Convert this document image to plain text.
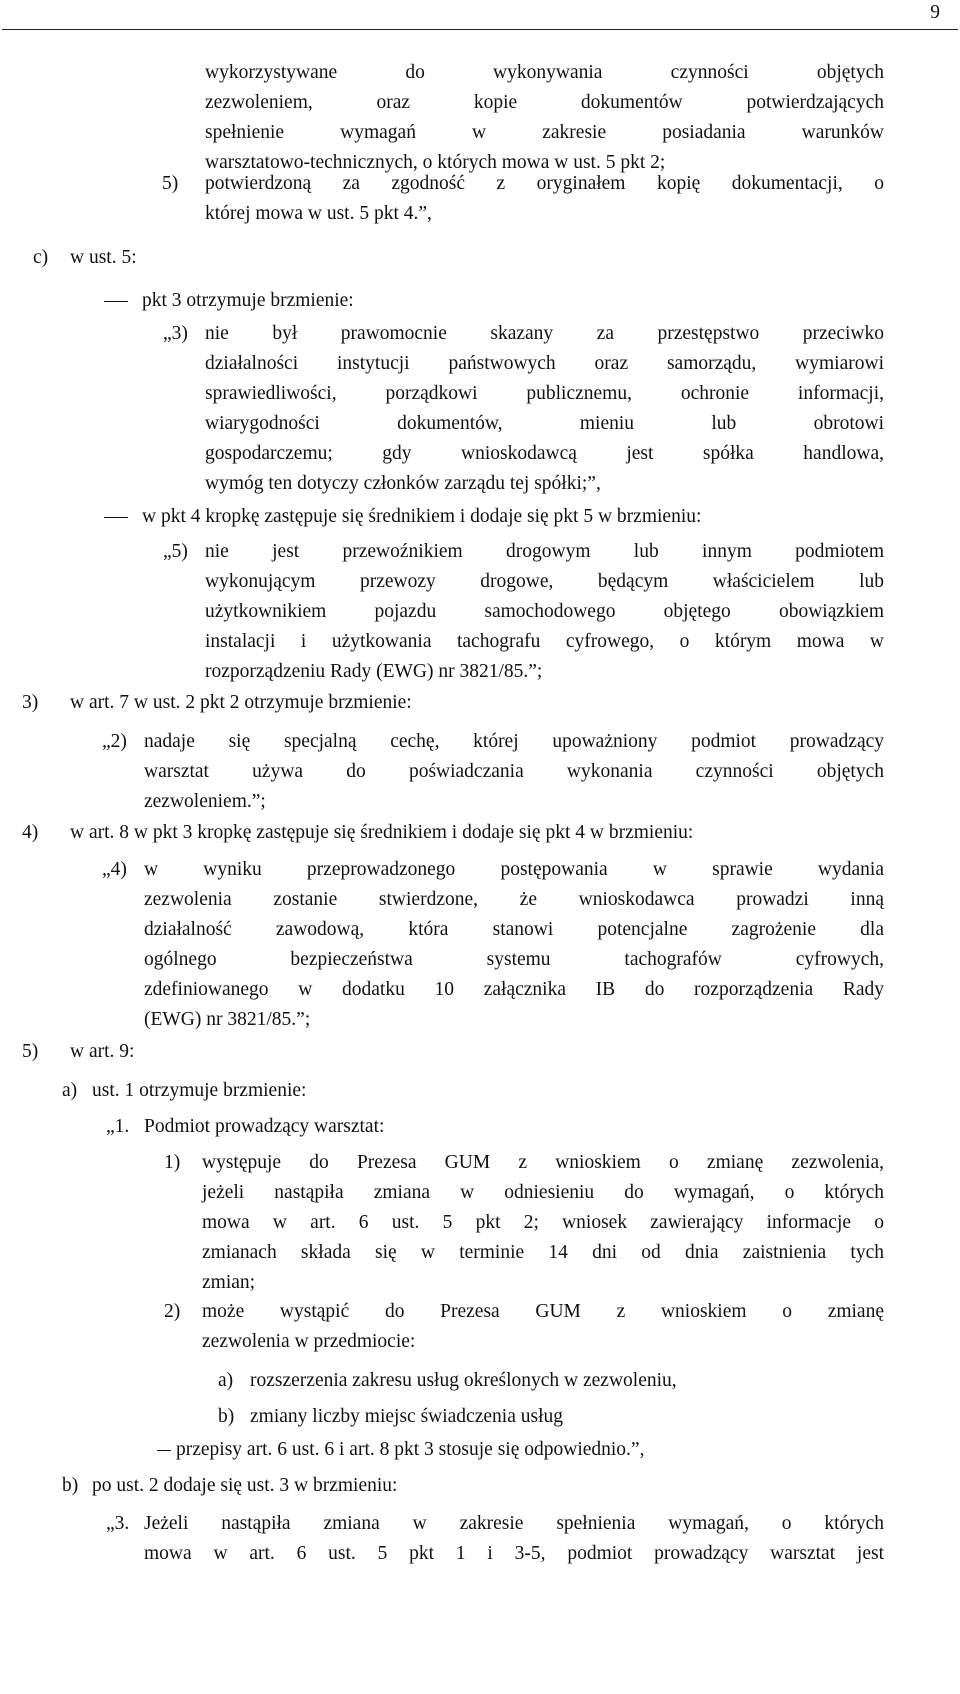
9
wykorzystywane do wykonywania czynności objętych
zezwoleniem, oraz kopie dokumentów potwierdzających
spełnienie wymagań w zakresie posiadania warunków
warsztatowo-technicznych, o których mowa w ust. 5 pkt 2;
5) potwierdzoną za zgodność z oryginałem kopię dokumentacji, o
której mowa w ust. 5 pkt 4.”,
c) w ust. 5:
pkt 3 otrzymuje brzmienie:
„3) nie był prawomocnie skazany za przestępstwo przeciwko
działalności instytucji państwowych oraz samorządu, wymiarowi
sprawiedliwości, porządkowi publicznemu, ochronie informacji,
wiarygodności dokumentów, mieniu lub obrotowi
gospodarczemu; gdy wnioskodawcą jest spółka handlowa,
wymóg ten dotyczy członków zarządu tej spółki;”,
w pkt 4 kropkę zastępuje się średnikiem i dodaje się pkt 5 w brzmieniu:
„5) nie jest przewoźnikiem drogowym lub innym podmiotem
wykonującym przewozy drogowe, będącym właścicielem lub
użytkownikiem pojazdu samochodowego objętego obowiązkiem
instalacji i użytkowania tachografu cyfrowego, o którym mowa w
rozporządzeniu Rady (EWG) nr 3821/85.”;
3) w art. 7 w ust. 2 pkt 2 otrzymuje brzmienie:
„2) nadaje się specjalną cechę, której upoważniony podmiot prowadzący
warsztat używa do poświadczania wykonania czynności objętych
zezwoleniem.”;
4) w art. 8 w pkt 3 kropkę zastępuje się średnikiem i dodaje się pkt 4 w brzmieniu:
„4) w wyniku przeprowadzonego postępowania w sprawie wydania
zezwolenia zostanie stwierdzone, że wnioskodawca prowadzi inną
działalność zawodową, która stanowi potencjalne zagrożenie dla
ogólnego bezpieczeństwa systemu tachografów cyfrowych,
zdefiniowanego w dodatku 10 załącznika IB do rozporządzenia Rady
(EWG) nr 3821/85.”;
5) w art. 9:
a) ust. 1 otrzymuje brzmienie:
„1. Podmiot prowadzący warsztat:
1) występuje do Prezesa GUM z wnioskiem o zmianę zezwolenia,
jeżeli nastąpiła zmiana w odniesieniu do wymagań, o których
mowa w art. 6 ust. 5 pkt 2; wniosek zawierający informacje o
zmianach składa się w terminie 14 dni od dnia zaistnienia tych
zmian;
2) może wystąpić do Prezesa GUM z wnioskiem o zmianę
zezwolenia w przedmiocie:
a) rozszerzenia zakresu usług określonych w zezwoleniu,
b) zmiany liczby miejsc świadczenia usług
przepisy art. 6 ust. 6 i art. 8 pkt 3 stosuje się odpowiednio.”,
b) po ust. 2 dodaje się ust. 3 w brzmieniu:
„3. Jeżeli nastąpiła zmiana w zakresie spełnienia wymagań, o których
mowa w art. 6 ust. 5 pkt 1 i 3-5, podmiot prowadzący warsztat jest
